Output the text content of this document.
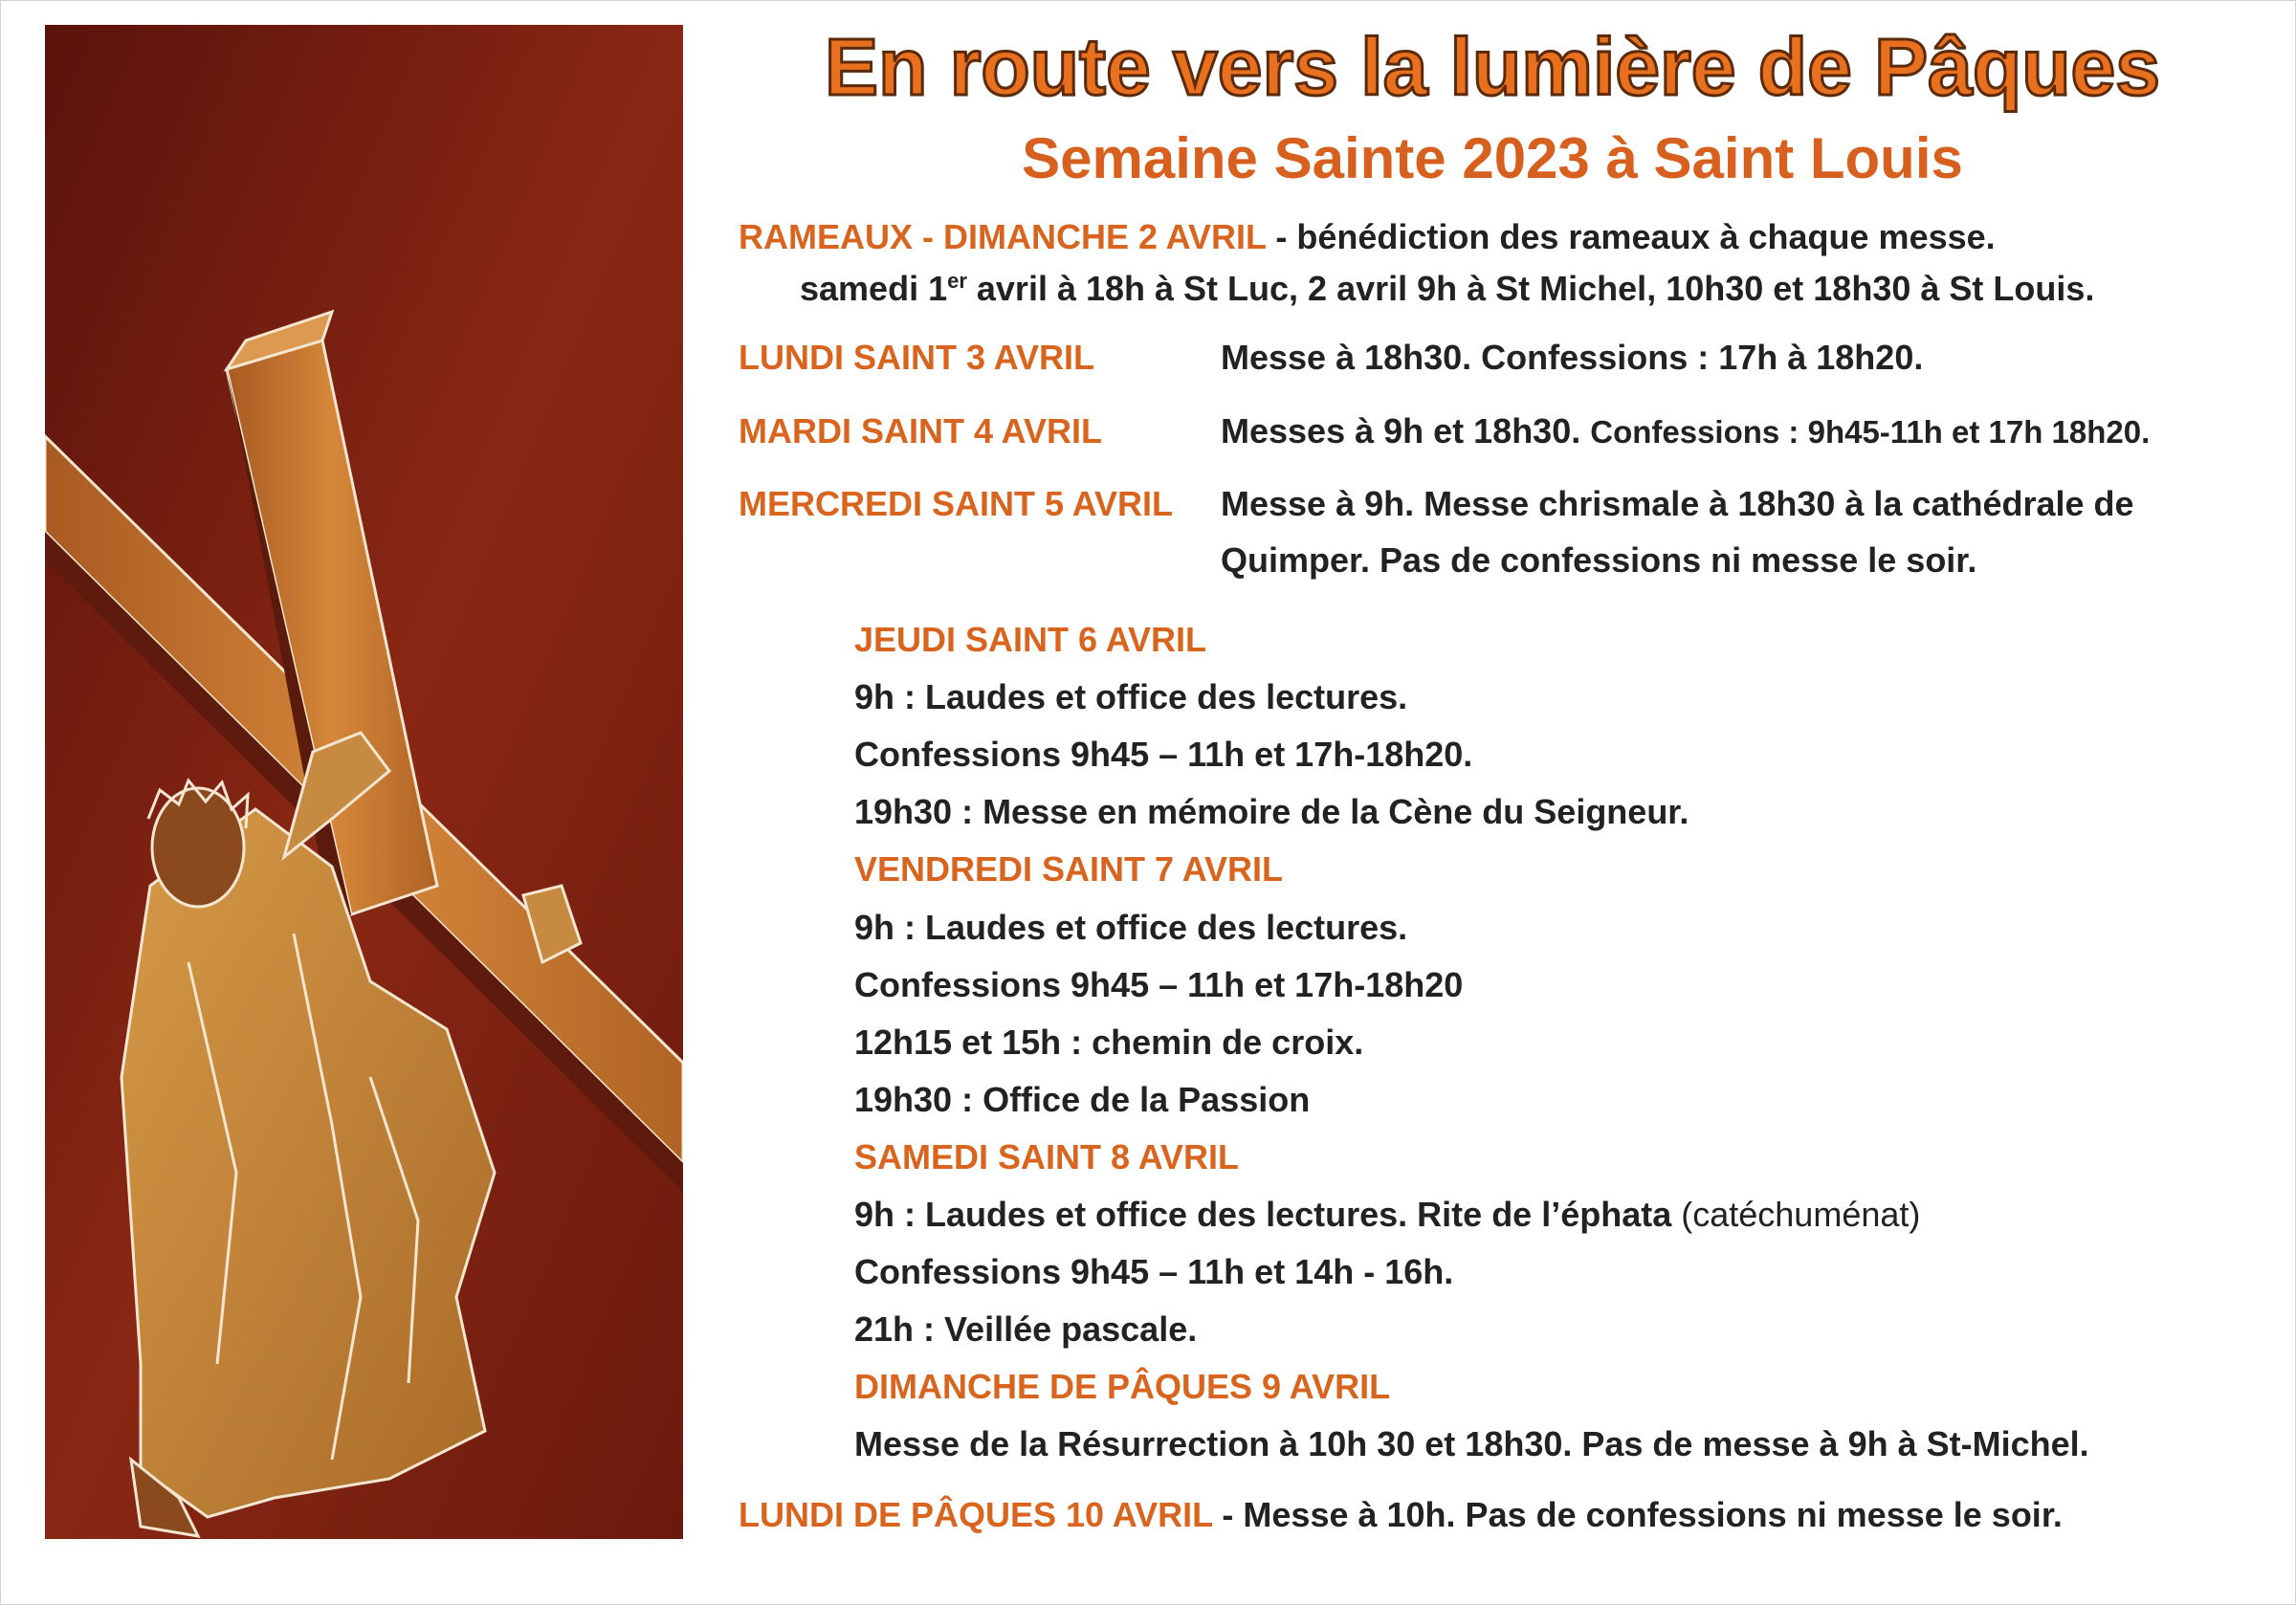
En route vers la lumière de Pâques
Semaine Sainte 2023 à Saint Louis
RAMEAUX - DIMANCHE 2 AVRIL - bénédiction des rameaux à chaque messe.
samedi 1er avril à 18h à St Luc, 2 avril 9h à St Michel, 10h30 et 18h30 à St Louis.
LUNDI SAINT 3 AVRIL	Messe à 18h30. Confessions : 17h à 18h20.
MARDI SAINT 4 AVRIL	Messes à 9h et 18h30. Confessions : 9h45-11h et 17h 18h20.
MERCREDI SAINT 5 AVRIL Messe à 9h. Messe chrismale à 18h30 à la cathédrale de
Quimper. Pas de confessions ni messe le soir.
JEUDI SAINT 6 AVRIL
9h : Laudes et office des lectures.
Confessions 9h45 – 11h et 17h-18h20.
19h30 : Messe en mémoire de la Cène du Seigneur.
VENDREDI SAINT 7 AVRIL
9h : Laudes et office des lectures.
Confessions 9h45 – 11h et 17h-18h20
12h15 et 15h : chemin de croix.
19h30 : Office de la Passion
SAMEDI SAINT 8 AVRIL
9h : Laudes et office des lectures. Rite de l’éphata (catéchuménat)
Confessions 9h45 – 11h et 14h - 16h.
21h : Veillée pascale.
DIMANCHE DE PÂQUES 9 AVRIL
Messe de la Résurrection à 10h 30 et 18h30. Pas de messe à 9h à St-Michel.
LUNDI DE PÂQUES 10 AVRIL - Messe à 10h. Pas de confessions ni messe le soir.
